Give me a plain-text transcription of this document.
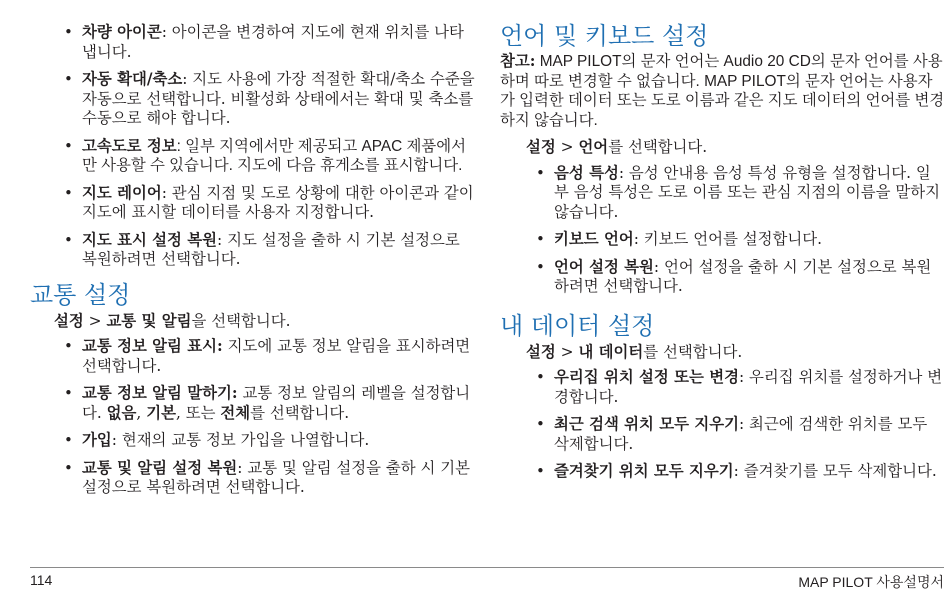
• 차량 아이콘: 아이콘을 변경하여 지도에 현재 위치를 나타냅니다.
• 자동 확대/축소: 지도 사용에 가장 적절한 확대/축소 수준을 자동으로 선택합니다. 비활성화 상태에서는 확대 및 축소를 수동으로 해야 합니다.
• 고속도로 정보: 일부 지역에서만 제공되고 APAC 제품에서만 사용할 수 있습니다. 지도에 다음 휴게소를 표시합니다.
• 지도 레이어: 관심 지점 및 도로 상황에 대한 아이콘과 같이 지도에 표시할 데이터를 사용자 지정합니다.
• 지도 표시 설정 복원: 지도 설정을 출하 시 기본 설정으로 복원하려면 선택합니다.
교통 설정

설정 > 교통 및 알림을 선택합니다.

• 교통 정보 알림 표시: 지도에 교통 정보 알림을 표시하려면 선택합니다.
• 교통 정보 알림 말하기: 교통 정보 알림의 레벨을 설정합니다. 없음, 기본, 또는 전체를 선택합니다.
• 가입: 현재의 교통 정보 가입을 나열합니다.
• 교통 및 알림 설정 복원: 교통 및 알림 설정을 출하 시 기본 설정으로 복원하려면 선택합니다.
언어 및 키보드 설정

참고: MAP PILOT의 문자 언어는 Audio 20 CD의 문자 언어를 사용하며 따로 변경할 수 없습니다. MAP PILOT의 문자 언어는 사용자가 입력한 데이터 또는 도로 이름과 같은 지도 데이터의 언어를 변경하지 않습니다.

설정 > 언어를 선택합니다.

• 음성 특성: 음성 안내용 음성 특성 유형을 설정합니다. 일부 음성 특성은 도로 이름 또는 관심 지점의 이름을 말하지 않습니다.
• 키보드 언어: 키보드 언어를 설정합니다.
• 언어 설정 복원: 언어 설정을 출하 시 기본 설정으로 복원하려면 선택합니다.
내 데이터 설정

설정 > 내 데이터를 선택합니다.

• 우리집 위치 설정 또는 변경: 우리집 위치를 설정하거나 변경합니다.
• 최근 검색 위치 모두 지우기: 최근에 검색한 위치를 모두 삭제합니다.
• 즐겨찾기 위치 모두 지우기: 즐겨찾기를 모두 삭제합니다.
114	MAP PILOT 사용설명서
